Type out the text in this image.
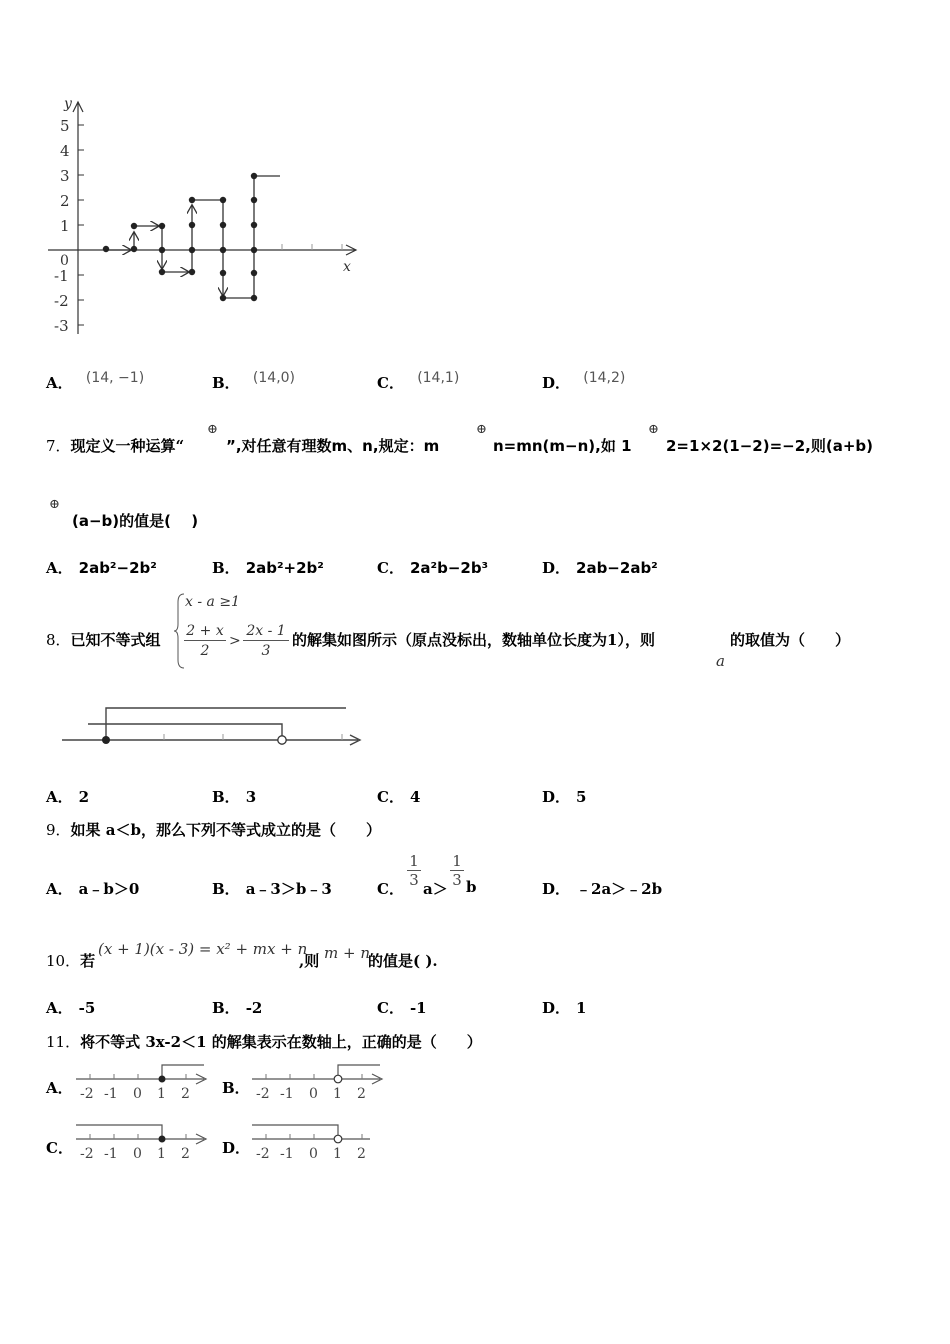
y
x
0
5
4
3
2
1
-1
-2
-3
A． (14, −1)	B． (14,0)	C． (14,1)	D． (14,2)
7．现定义一种运算“
⊕
”,对任意有理数m、n,规定：m
⊕
n=mn(m−n),如 1
⊕
2=1×2(1−2)=−2,则(a+b)
⊕
(a−b)的值是(　 )
A． 2ab²−2b²	B． 2ab²+2b²	C． 2a²b−2b³	D． 2ab−2ab²
8．已知不等式组
x - a ≥1
$\frac{2 + x}{2} > \frac{2x - 1}{3}$ 的解集如图所示（原点没标出，数轴单位长度为1），则
a
的取值为（　　）
A． 2	B． 3	C． 4	D． 5
9．如果 a＜b，那么下列不等式成立的是（　　）
A． a﹣b＞0	B． a﹣3＞b﹣3	C． $\frac{1}{3} a> \frac{1}{3}$ b	D． ﹣2a＞﹣2b
10．若
(x + 1)(x - 3) = x² + mx + n
,则 m + n
的值是( ).
A． -5	B． -2	C． -1	D． 1
11．将不等式 3x-2＜1 的解集表示在数轴上，正确的是（　　）
A． -2 -1 0 1 2 B． -2 -1 0 1 2
C． -2 -1 0 1 2 D． -2 -1 0 1 2
